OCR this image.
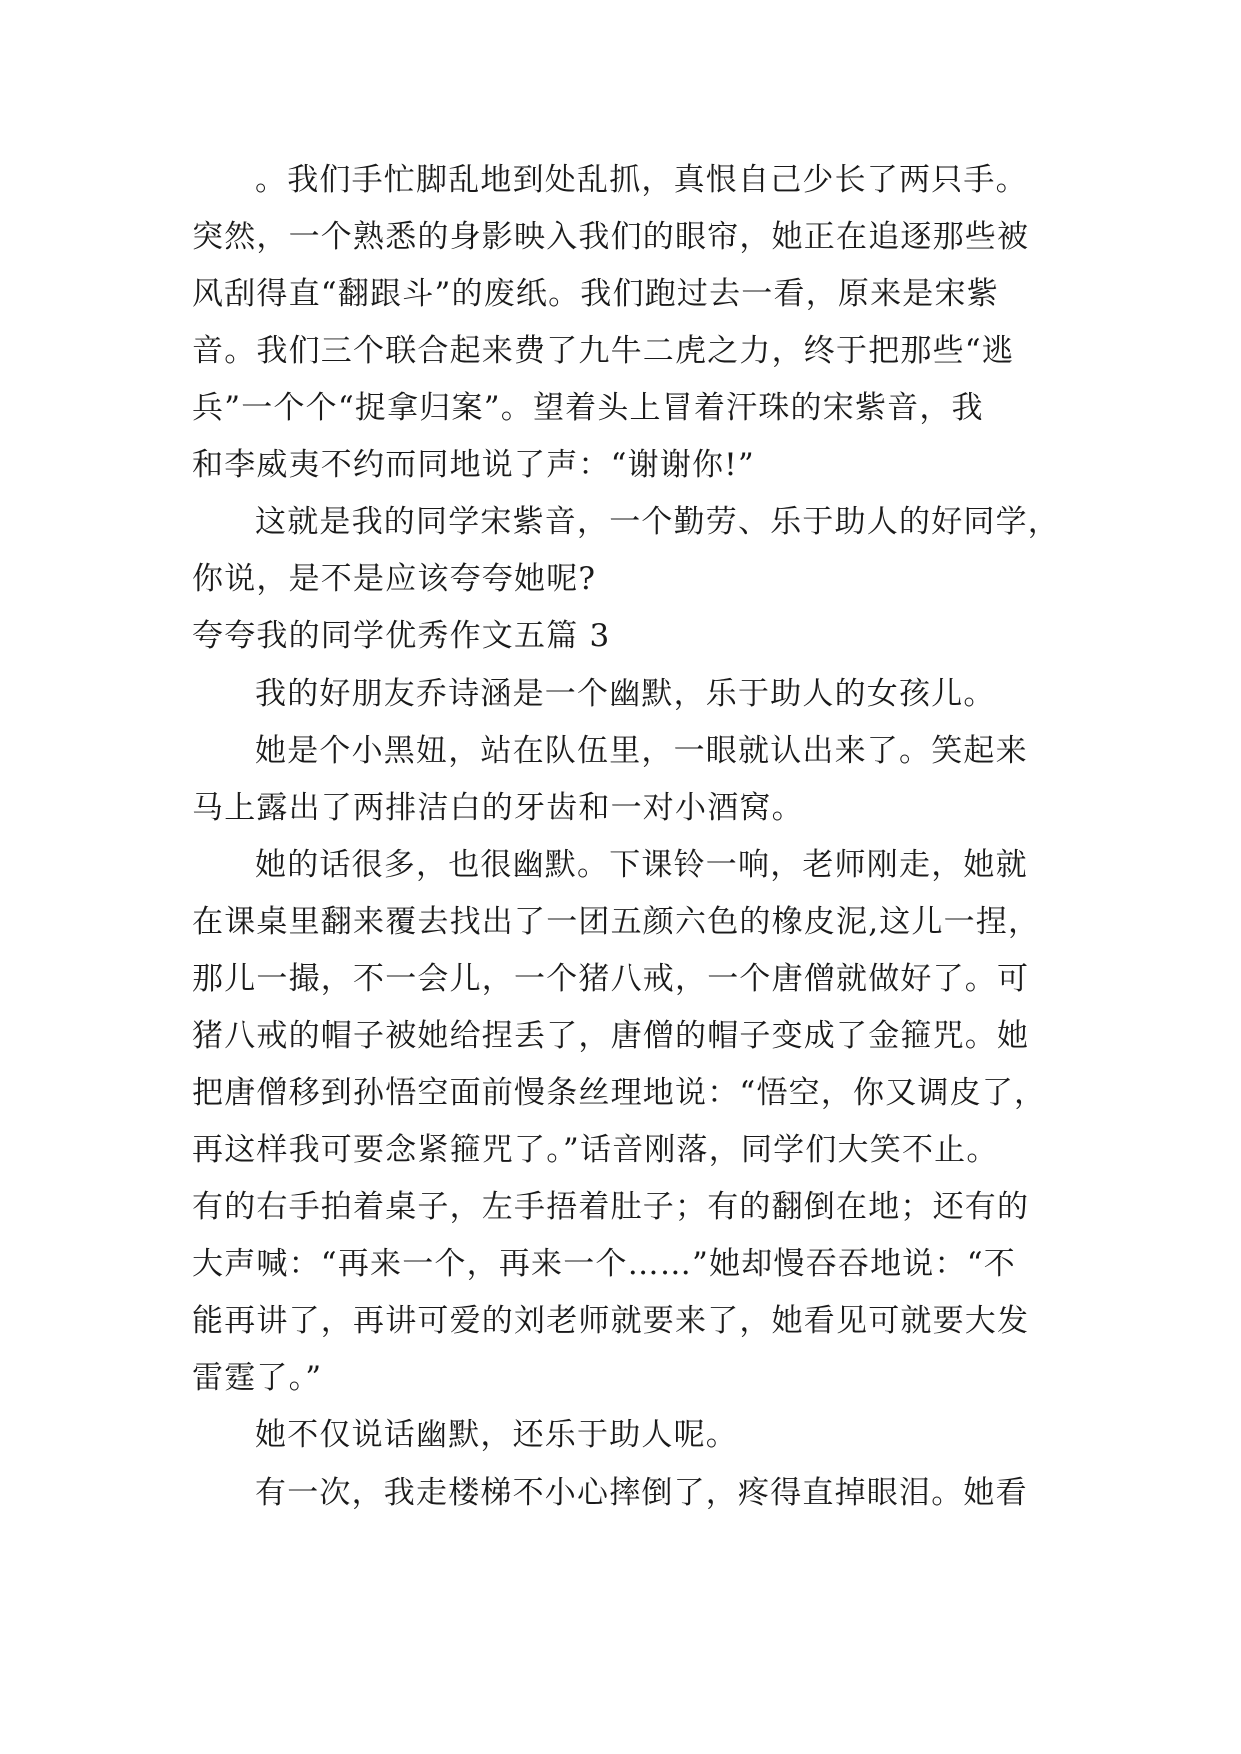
。我们手忙脚乱地到处乱抓，真恨自己少长了两只手。
突然，一个熟悉的身影映入我们的眼帘，她正在追逐那些被
风刮得直“翻跟斗”的废纸。我们跑过去一看，原来是宋紫
音。我们三个联合起来费了九牛二虎之力，终于把那些“逃
兵”一个个“捉拿归案”。望着头上冒着汗珠的宋紫音，我
和李威夷不约而同地说了声：“谢谢你!”
这就是我的同学宋紫音，一个勤劳、乐于助人的好同学，
你说，是不是应该夸夸她呢?
夸夸我的同学优秀作文五篇 3
我的好朋友乔诗涵是一个幽默，乐于助人的女孩儿。
她是个小黑妞，站在队伍里，一眼就认出来了。笑起来
马上露出了两排洁白的牙齿和一对小酒窝。
她的话很多，也很幽默。下课铃一响，老师刚走，她就
在课桌里翻来覆去找出了一团五颜六色的橡皮泥,这儿一捏，
那儿一撮，不一会儿，一个猪八戒，一个唐僧就做好了。可
猪八戒的帽子被她给捏丢了，唐僧的帽子变成了金箍咒。她
把唐僧移到孙悟空面前慢条丝理地说：“悟空，你又调皮了，
再这样我可要念紧箍咒了。”话音刚落，同学们大笑不止。
有的右手拍着桌子，左手捂着肚子；有的翻倒在地；还有的
大声喊：“再来一个，再来一个……”她却慢吞吞地说：“不
能再讲了，再讲可爱的刘老师就要来了，她看见可就要大发
雷霆了。”
她不仅说话幽默，还乐于助人呢。
有一次，我走楼梯不小心摔倒了，疼得直掉眼泪。她看
